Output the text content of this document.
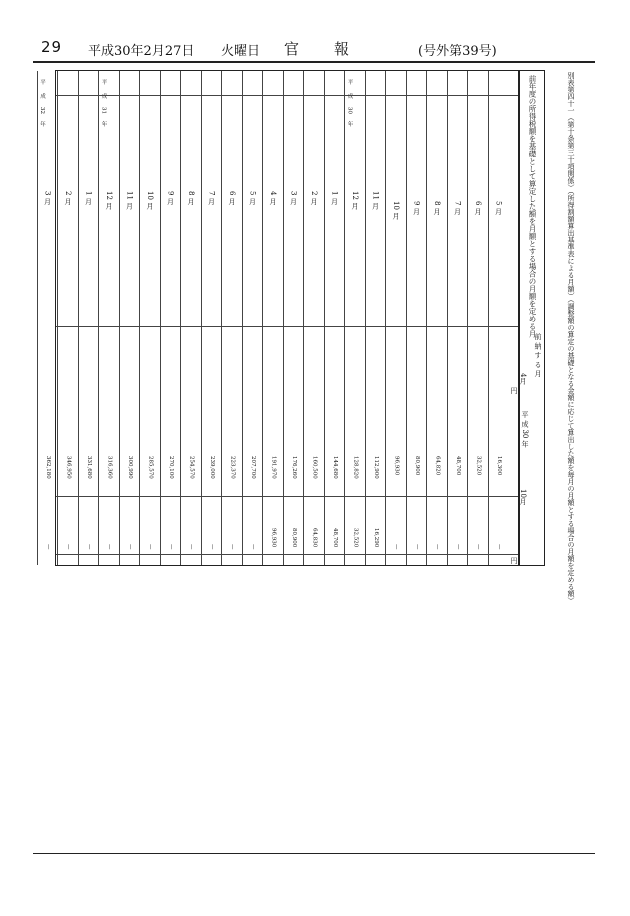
29 平成30年2月27日 火曜日 官 報	(号外第39号)
前年度の所得税額を基礎として算定した額を月額とする場合の月額を定める月
前 納 す る 月
平 成 30 年
4月
10月
円
円
5 月
16,300
—
6 月
32,520
—
7 月
48,700
—
8 月
64,820
—
9 月
80,900
—
10 月
96,930
—
11 月
112,900
16,290
12 月
128,820
32,520
1 月
144,680
48,700
2 月
160,500
64,830
3 月
176,260
80,900
4 月
191,970
96,930
5 月
207,700
—
6 月
223,370
—
7 月
239,000
—
8 月
254,570
—
9 月
270,100
—
10 月
285,570
—
11 月
300,990
—
12 月
316,360
—
1 月
331,680
—
2 月
346,950
—
3 月
362,180
—
平
成
30
年
平
成
31
年
平
成
32
年	別表第四十一（第十条第三十項関係）（所得割額算出基準表による月額）（調整額の算定の基礎となる金額に応じて算出した額を毎月の月額とする場合の月額を定める額）
